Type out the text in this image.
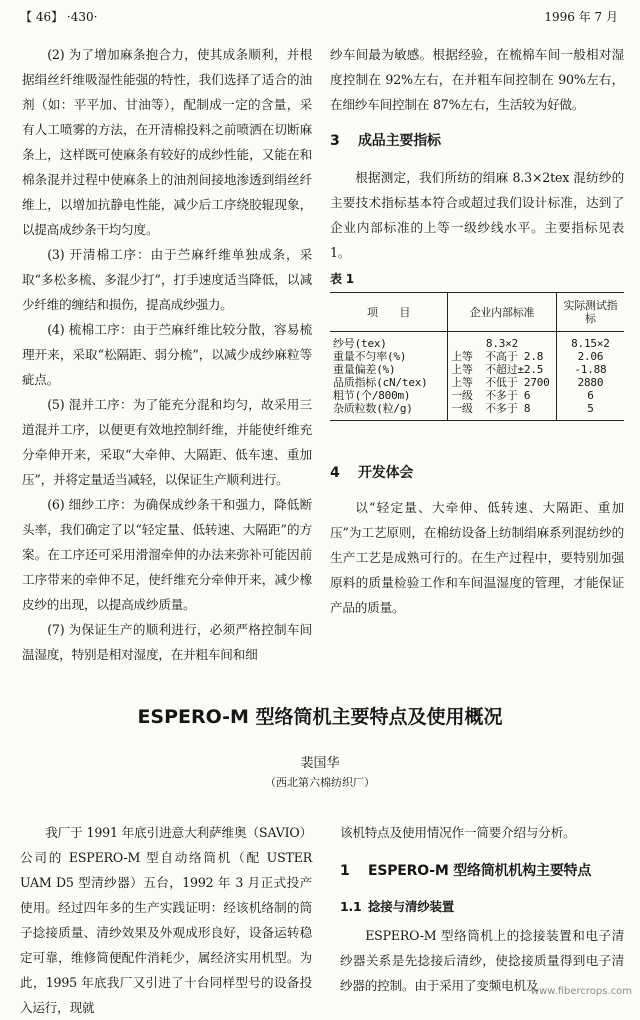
【 46】 ·430·	1996 年 7 月

(2) 为了增加麻条抱合力，使其成条顺利，并根据绢丝纤维吸湿性能强的特性，我们选择了适合的油剂（如：平平加、甘油等），配制成一定的含量，采有人工喷雾的方法，在开清棉投料之前喷洒在切断麻条上，这样既可使麻条有较好的成纱性能，又能在和棉条混并过程中使麻条上的油剂间接地渗透到绢丝纤维上，以增加抗静电性能，减少后工序绕胶辊现象，以提高成纱条干均匀度。

(3) 开清棉工序：由于苎麻纤维单独成条，采取“多松多梳、多混少打”，打手速度适当降低，以减少纤维的缠结和损伤，提高成纱强力。

(4) 梳棉工序：由于苎麻纤维比较分散，容易梳理开来，采取“松隔距、弱分梳”，以减少成纱麻粒等疵点。

(5) 混并工序：为了能充分混和均匀，故采用三道混并工序，以便更有效地控制纤维，并能使纤维充分牵伸开来，采取“大牵伸、大隔距、低车速、重加压”，并将定量适当减轻，以保证生产顺利进行。

(6) 细纱工序：为确保成纱条干和强力，降低断头率，我们确定了以“轻定量、低转速、大隔距”的方案。在工序还可采用滑溜牵伸的办法来弥补可能因前工序带来的牵伸不足，使纤维充分牵伸开来，减少橡皮纱的出现，以提高成纱质量。

(7) 为保证生产的顺利进行，必须严格控制车间温湿度，特别是相对湿度，在并粗车间和细

纱车间最为敏感。根据经验，在梳棉车间一般相对湿度控制在 92%左右，在并粗车间控制在 90%左右，在细纱车间控制在 87%左右，生活较为好做。

3 成品主要指标

根据测定，我们所纺的绢麻 8.3×2tex 混纺纱的主要技术指标基本符合或超过我们设计标准，达到了企业内部标准的上等一级纱线水平。主要指标见表 1。

表 1
项　　目	企业内部标准	实际测试指　标
纱号(tex)	8.3×2	8.15×2
重量不匀率(%)	上等 不高于 2.8	2.06
重量偏差(%)	上等 不超过±2.5	-1.88
品质指标(cN/tex)	上等 不低于 2700	2880
粗节(个/800m)	一级 不多于 6	6
杂质粒数(粒/g)	一级 不多于 8	5
4 开发体会

以“轻定量、大牵伸、低转速、大隔距、重加压”为工艺原则，在棉纺设备上纺制绢麻系列混纺纱的生产工艺是成熟可行的。在生产过程中，要特别加强原料的质量检验工作和车间温湿度的管理，才能保证产品的质量。

ESPERO-M 型络筒机主要特点及使用概况
裴国华
（西北第六棉纺织厂）

我厂于 1991 年底引进意大利萨维奥（SAVIO）公司的 ESPERO-M 型自动络筒机（配 USTER UAM D5 型清纱器）五台，1992 年 3 月正式投产使用。经过四年多的生产实践证明：经该机络制的筒子捻接质量、清纱效果及外观成形良好，设备运转稳定可靠，维修简便配件消耗少，属经济实用机型。为此，1995 年底我厂又引进了十台同样型号的设备投入运行，现就

该机特点及使用情况作一简要介绍与分析。

1 ESPERO-M 型络筒机机构主要特点
1.1 捻接与清纱装置

ESPERO-M 型络筒机上的捻接装置和电子清纱器关系是先捻接后清纱，使捻接质量得到电子清纱器的控制。由于采用了变频电机及

www.fibercrops.com
